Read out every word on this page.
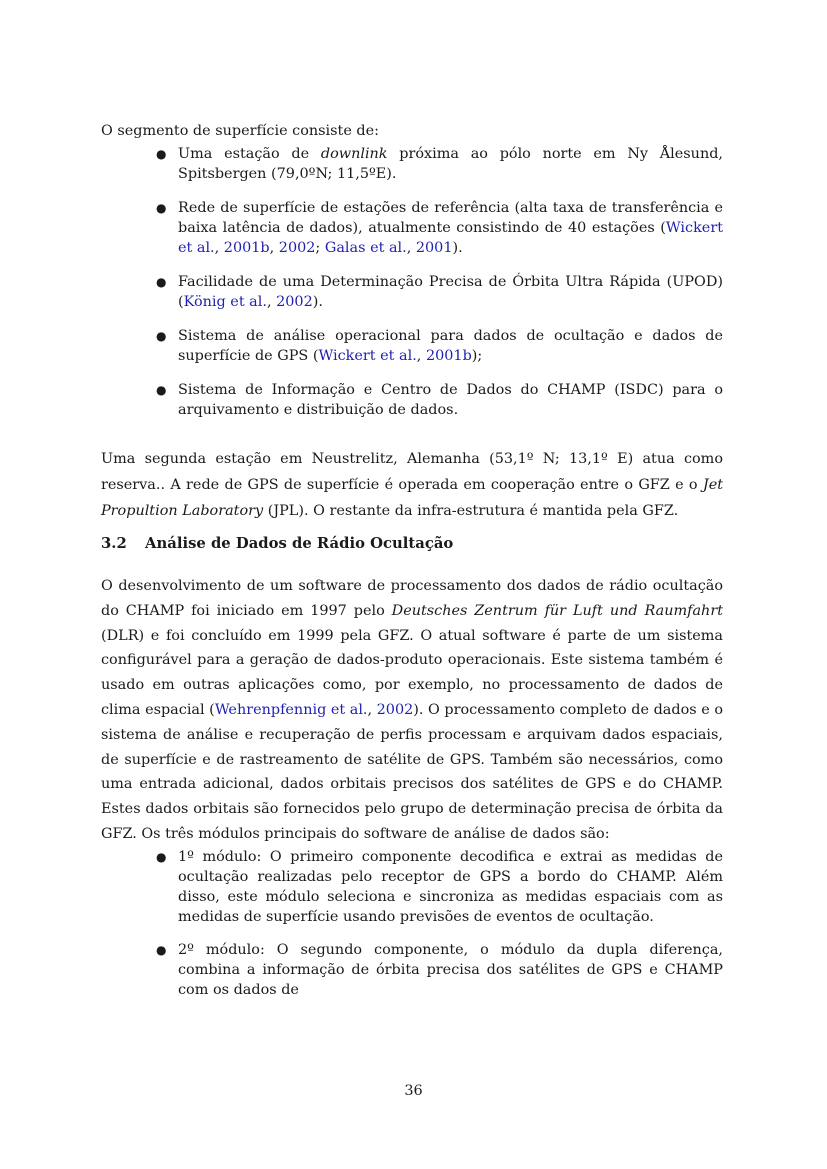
O segmento de superfície consiste de:

● Uma estação de downlink próxima ao pólo norte em Ny Ålesund, Spitsbergen (79,0ºN; 11,5ºE).
● Rede de superfície de estações de referência (alta taxa de transferência e baixa latência de dados), atualmente consistindo de 40 estações (Wickert et al., 2001b, 2002; Galas et al., 2001).
● Facilidade de uma Determinação Precisa de Órbita Ultra Rápida (UPOD) (König et al., 2002).
● Sistema de análise operacional para dados de ocultação e dados de superfície de GPS (Wickert et al., 2001b);
● Sistema de Informação e Centro de Dados do CHAMP (ISDC) para o arquivamento e distribuição de dados.

Uma segunda estação em Neustrelitz, Alemanha (53,1º N; 13,1º E) atua como reserva.. A rede de GPS de superfície é operada em cooperação entre o GFZ e o Jet Propultion Laboratory (JPL). O restante da infra-estrutura é mantida pela GFZ.

3.2 Análise de Dados de Rádio Ocultação

O desenvolvimento de um software de processamento dos dados de rádio ocultação do CHAMP foi iniciado em 1997 pelo Deutsches Zentrum für Luft und Raumfahrt (DLR) e foi concluído em 1999 pela GFZ. O atual software é parte de um sistema configurável para a geração de dados-produto operacionais. Este sistema também é usado em outras aplicações como, por exemplo, no processamento de dados de clima espacial (Wehrenpfennig et al., 2002). O processamento completo de dados e o sistema de análise e recuperação de perfis processam e arquivam dados espaciais, de superfície e de rastreamento de satélite de GPS. Também são necessários, como uma entrada adicional, dados orbitais precisos dos satélites de GPS e do CHAMP. Estes dados orbitais são fornecidos pelo grupo de determinação precisa de órbita da GFZ. Os três módulos principais do software de análise de dados são:

● 1º módulo: O primeiro componente decodifica e extrai as medidas de ocultação realizadas pelo receptor de GPS a bordo do CHAMP. Além disso, este módulo seleciona e sincroniza as medidas espaciais com as medidas de superfície usando previsões de eventos de ocultação.
● 2º módulo: O segundo componente, o módulo da dupla diferença, combina a informação de órbita precisa dos satélites de GPS e CHAMP com os dados de
36
